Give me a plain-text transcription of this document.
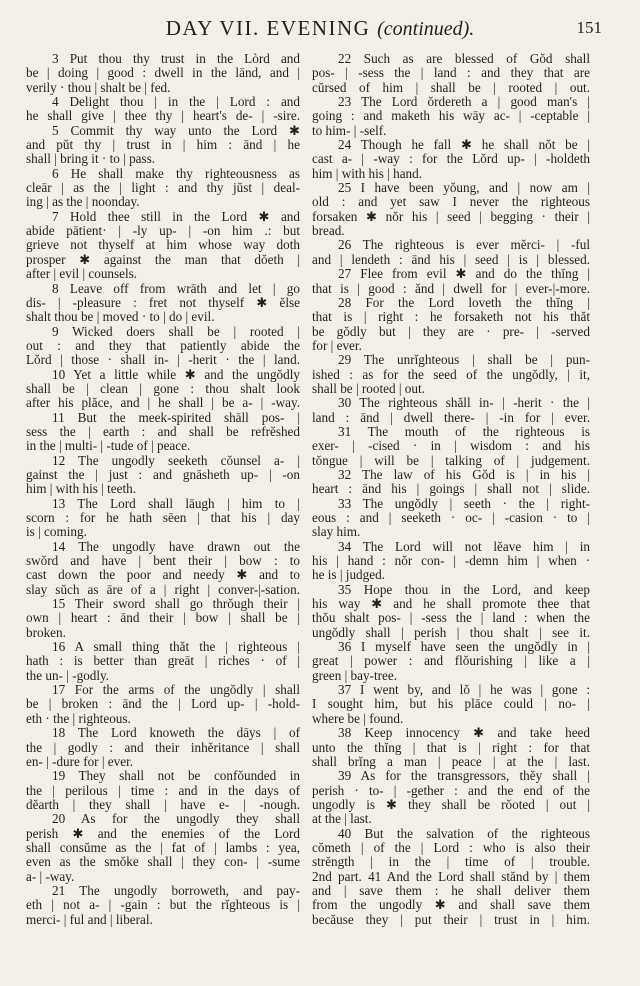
DAY VII. EVENING (continued).	151
3 Put thou thy trust in the Lòrd and
be | doing | good : dwell in the lānd, and |
verily · thou | shalt be | fed.
4 Delight thou | in the | Lord : and
he shall give | thee thy | heart's de- | -sire.
5 Commit thy way unto the Lord ✱
and pŭt thy | trust in | him : ānd | he
shall | bring it · to | pass.
6 He shall make thy righteousness as
cleār | as the | light : and thy jŭst | deal-
ing | as the | noonday.
7 Hold thee still in the Lord ✱ and
abide pātient· | -ly up- | -on him .: but
grieve not thyself at him whose way doth
prosper ✱ against the man that dŏeth |
after | evil | counsels.
8 Leave off from wrāth and let | go
dis- | -pleasure : fret not thyself ✱ ĕlse
shalt thou be | moved · to | do | evil.
9 Wicked doers shall be | rooted |
out : and they that patiently abide the
Lŏrd | those · shall in- | -herit · the | land.
10 Yet a little while ✱ and the ungŏdly
shall be | clean | gone : thou shalt look
after his plăce, and | he shall | be a- | -way.
11 But the meek-spirited shāll pos- |
sess the | earth : and shall be refrĕshed
in the | multi- | -tude of | peace.
12 The ungodly seeketh cŏunsel a- |
gainst the | just : and gnāsheth up- | -on
him | with his | teeth.
13 The Lord shall lāugh | him to |
scorn : for he hath sēen | that his | day
is | coming.
14 The ungodly have drawn out the
swŏrd and have | bent their | bow : to
cast down the poor and needy ✱ and to
slay sŭch as āre of a | right | conver-|-sation.
15 Their sword shall go thrŏugh their |
own | heart : ānd their | bow | shall be |
broken.
16 A small thing thăt the | righteous |
hath : is better than greāt | riches · of |
the un- | -godly.
17 For the arms of the ungŏdly | shall
be | broken : ānd the | Lord up- | -hold-
eth · the | righteous.
18 The Lord knoweth the dāys | of
the | godly : and their inhĕritance | shall
en- | -dure for | ever.
19 They shall not be confŏunded in
the | perilous | time : and in the days of
dĕarth | they shall | have e- | -nough.
20 As for the ungodly they shall
perish ✱ and the enemies of the Lord
shall consŭme as the | fat of | lambs : yea,
even as the smŏke shall | they con- | -sume
a- | -way.
21 The ungodly borroweth, and pay-
eth | not a- | -gain : but the rĭghteous is |
merci- | ful and | liberal.
22 Such as are blessed of Gŏd shall
pos- | -sess the | land : and they that are
cŭrsed of him | shall be | rooted | out.
23 The Lord ŏrdereth a | good man's |
going : and maketh his wāy ac- | -ceptable |
to him- | -self.
24 Though he fall ✱ he shall nŏt be |
cast a- | -way : for the Lŏrd up- | -holdeth
him | with his | hand.
25 I have been yŏung, and | now am |
old : and yet saw I never the righteous
forsaken ✱ nŏr his | seed | begging · their |
bread.
26 The righteous is ever mĕrci- | -ful
and | lendeth : ānd his | seed | is | blessed.
27 Flee from evil ✱ and do the thĭng |
that is | good : ănd | dwell for | ever-|-more.
28 For the Lord loveth the thĭng |
that is | right : he forsaketh not his thăt
be gŏdly but | they are · pre- | -served
for | ever.
29 The unrĭghteous | shall be | pun-
ished : as for the seed of the ungŏdly, | it,
shall be | rooted | out.
30 The righteous shăll in- | -herit · the |
land : ānd | dwell there- | -in for | ever.
31 The mouth of the righteous is
exer- | -cised · in | wisdom : and his
tŏngue | will be | talking of | judgement.
32 The law of his Gŏd is | in his |
heart : ānd his | goings | shall not | slide.
33 The ungŏdly | seeth · the | right-
eous : and | seeketh · oc- | -casion · to |
slay him.
34 The Lord will not lĕave him | in
his | hand : nŏr con- | -demn him | when ·
he is | judged.
35 Hope thou in the Lord, and keep
his way ✱ and he shall promote thee that
thŏu shalt pos- | -sess the | land : when the
ungŏdly shall | perish | thou shalt | see it.
36 I myself have seen the ungŏdly in |
great | power : and flŏurishing | like a |
green | bay-tree.
37 I went by, and lŏ | he was | gone :
I sought him, but his plāce could | no- |
where be | found.
38 Keep innocency ✱ and take heed
unto the thĭng | that is | right : for that
shall brĭng a man | peace | at the | last.
39 As for the transgressors, thĕy shall |
perish · to- | -gether : and the end of the
ungodly is ✱ they shall be rŏoted | out |
at the | last.
40 But the salvation of the righteous
cŏmeth | of the | Lord : who is also their
strĕngth | in the | time of | trouble.
2nd part. 41 And the Lord shall stănd by | them
and | save them : he shall deliver them
from the ungodly ✱ and shall save them
becăuse they | put their | trust in | him.
